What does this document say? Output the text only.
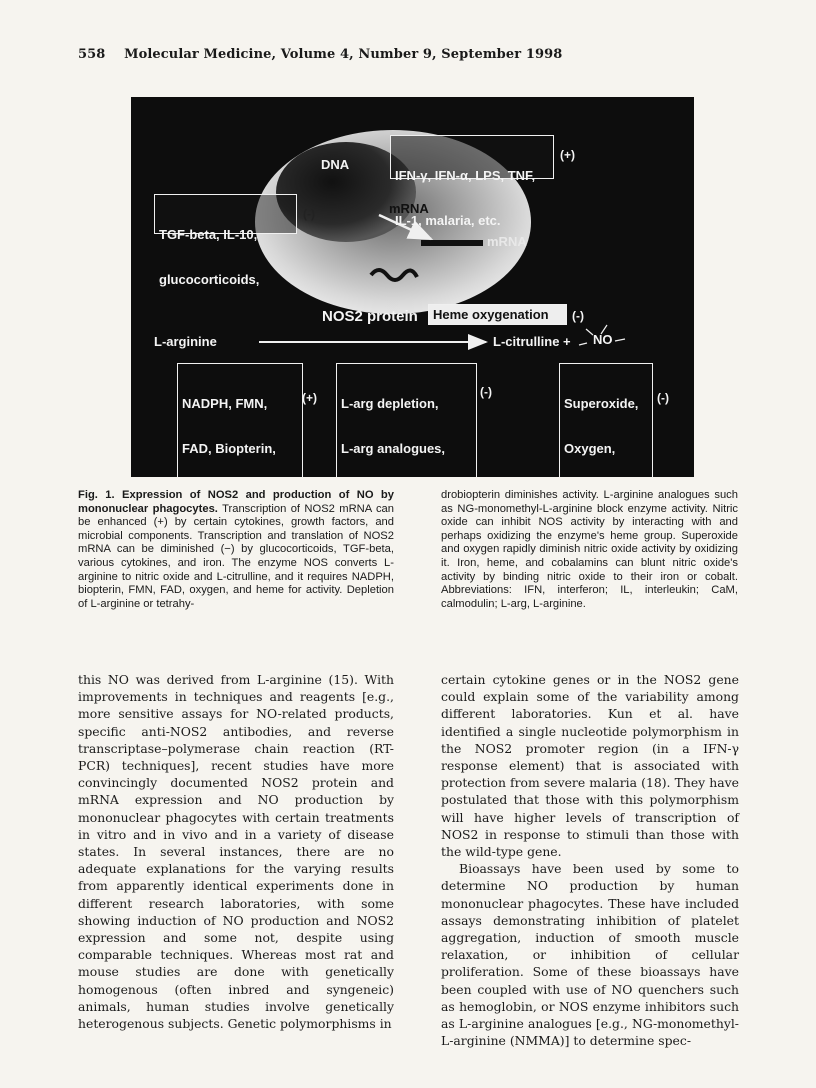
558 Molecular Medicine, Volume 4, Number 9, September 1998
DNA
mRNA
mRNA

IFN-γ, IFN-α, LPS, TNF,

IL-1, malaria, etc.

(+)

TGF-beta, IL-10,

glucocorticoids,

(-)
NOS2 protein	Heme oxygenation	(-)
L-arginine	L-citrulline + NO

NADPH, FMN,

FAD, Biopterin,

(+)

L-arg depletion,

L-arg analogues,

(-)

Superoxide,

Oxygen,

(-)
Fig. 1. Expression of NOS2 and production of NO by mononuclear phagocytes. Transcription of NOS2 mRNA can be enhanced (+) by certain cytokines, growth factors, and microbial components. Transcription and translation of NOS2 mRNA can be diminished (−) by glucocorticoids, TGF-beta, various cytokines, and iron. The enzyme NOS converts L-arginine to nitric oxide and L-citrulline, and it requires NADPH, biopterin, FMN, FAD, oxygen, and heme for activity. Depletion of L-arginine or tetrahy-
drobiopterin diminishes activity. L-arginine analogues such as NG-monomethyl-L-arginine block enzyme activity. Nitric oxide can inhibit NOS activity by interacting with and perhaps oxidizing the enzyme's heme group. Superoxide and oxygen rapidly diminish nitric oxide activity by oxidizing it. Iron, heme, and cobalamins can blunt nitric oxide's activity by binding nitric oxide to their iron or cobalt. Abbreviations: IFN, interferon; IL, interleukin; CaM, calmodulin; L-arg, L-arginine.

this NO was derived from L-arginine (15). With improvements in techniques and reagents [e.g., more sensitive assays for NO-related products, specific anti-NOS2 antibodies, and reverse transcriptase–polymerase chain reaction (RT-PCR) techniques], recent studies have more convincingly documented NOS2 protein and mRNA expression and NO production by mononuclear phagocytes with certain treatments in vitro and in vivo and in a variety of disease states. In several instances, there are no adequate explanations for the varying results from apparently identical experiments done in different research laboratories, with some showing induction of NO production and NOS2 expression and some not, despite using comparable techniques. Whereas most rat and mouse studies are done with genetically homogenous (often inbred and syngeneic) animals, human studies involve genetically heterogenous subjects. Genetic polymorphisms in

certain cytokine genes or in the NOS2 gene could explain some of the variability among different laboratories. Kun et al. have identified a single nucleotide polymorphism in the NOS2 promoter region (in a IFN-γ response element) that is associated with protection from severe malaria (18). They have postulated that those with this polymorphism will have higher levels of transcription of NOS2 in response to stimuli than those with the wild-type gene.

Bioassays have been used by some to determine NO production by human mononuclear phagocytes. These have included assays demonstrating inhibition of platelet aggregation, induction of smooth muscle relaxation, or inhibition of cellular proliferation. Some of these bioassays have been coupled with use of NO quenchers such as hemoglobin, or NOS enzyme inhibitors such as L-arginine analogues [e.g., NG-monomethyl-L-arginine (NMMA)] to determine spec-
